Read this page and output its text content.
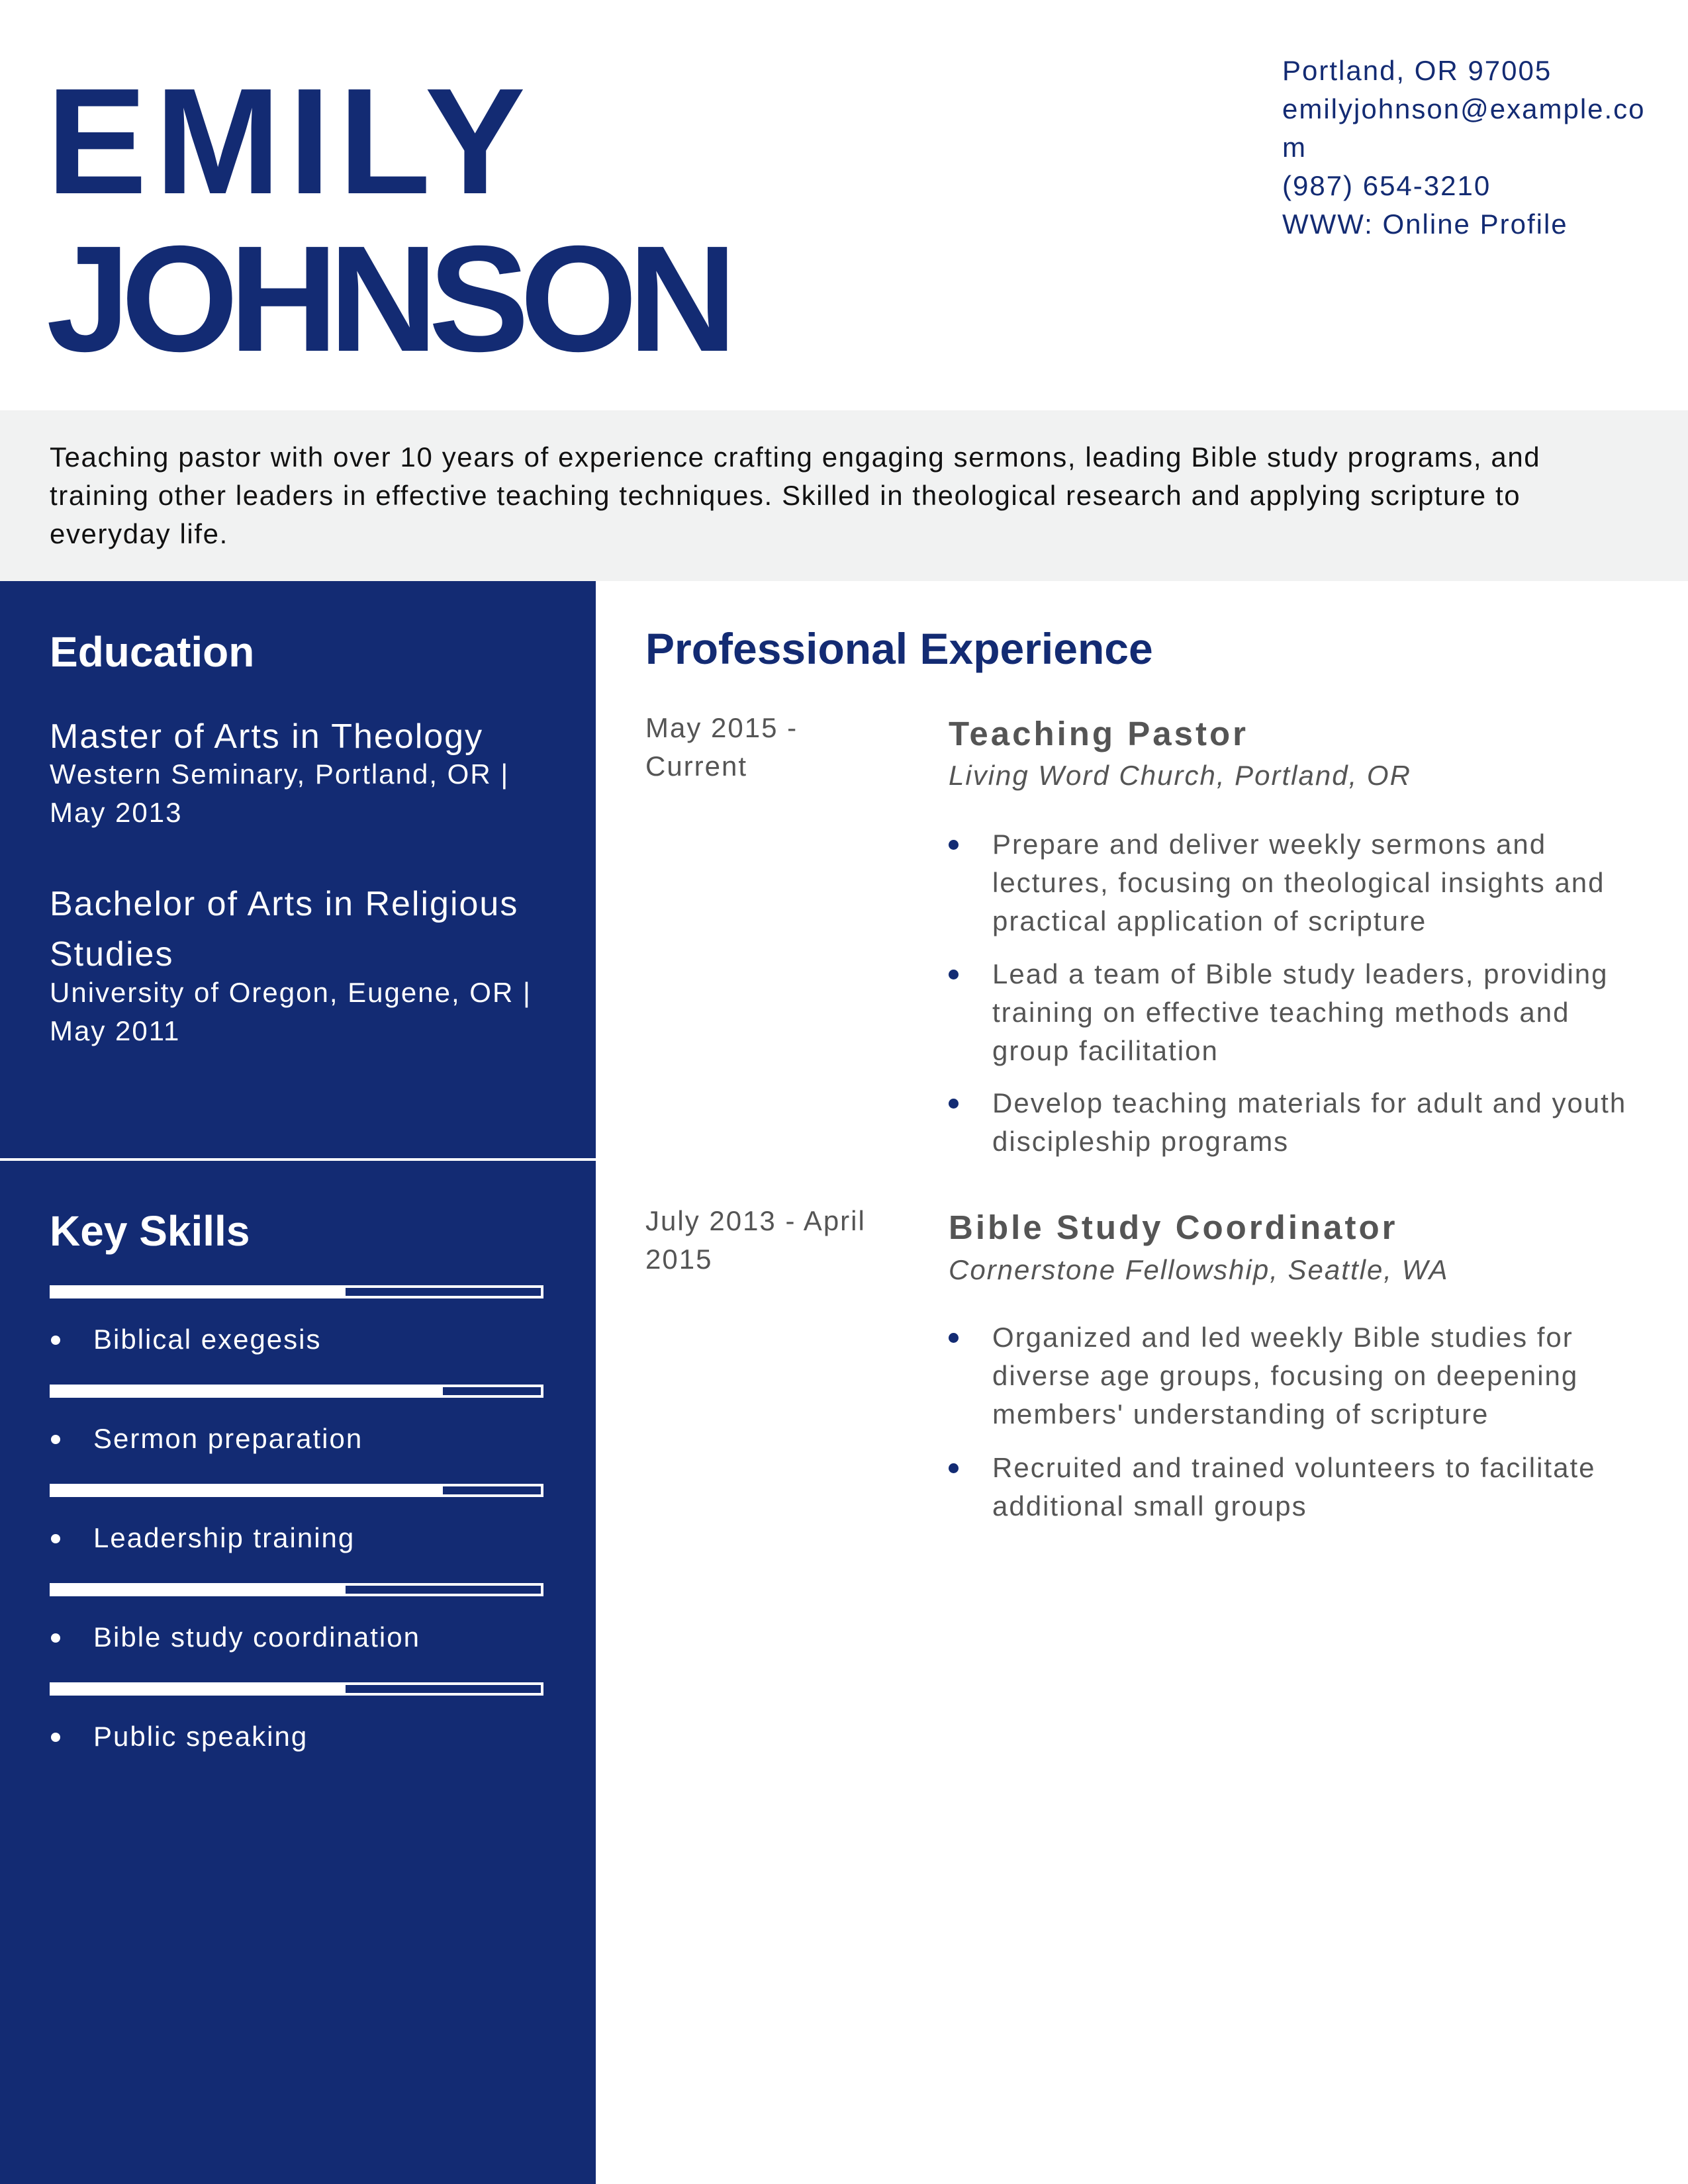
EMILY
JOHNSON
Portland, OR 97005
emilyjohnson@example.com
(987) 654-3210
WWW: Online Profile

Teaching pastor with over 10 years of experience crafting engaging sermons, leading Bible study programs, and training other leaders in effective teaching techniques. Skilled in theological research and applying scripture to everyday life.

Education
Master of Arts in Theology
Western Seminary, Portland, OR | May 2013
Bachelor of Arts in Religious Studies
University of Oregon, Eugene, OR | May 2011
Key Skills
Biblical exegesis
Sermon preparation
Leadership training
Bible study coordination
Public speaking
Professional Experience
May 2015 - Current
Teaching Pastor
Living Word Church, Portland, OR
Prepare and deliver weekly sermons and lectures, focusing on theological insights and practical application of scripture
Lead a team of Bible study leaders, providing training on effective teaching methods and group facilitation
Develop teaching materials for adult and youth discipleship programs
July 2013 - April 2015
Bible Study Coordinator
Cornerstone Fellowship, Seattle, WA
Organized and led weekly Bible studies for diverse age groups, focusing on deepening members' understanding of scripture
Recruited and trained volunteers to facilitate additional small groups
